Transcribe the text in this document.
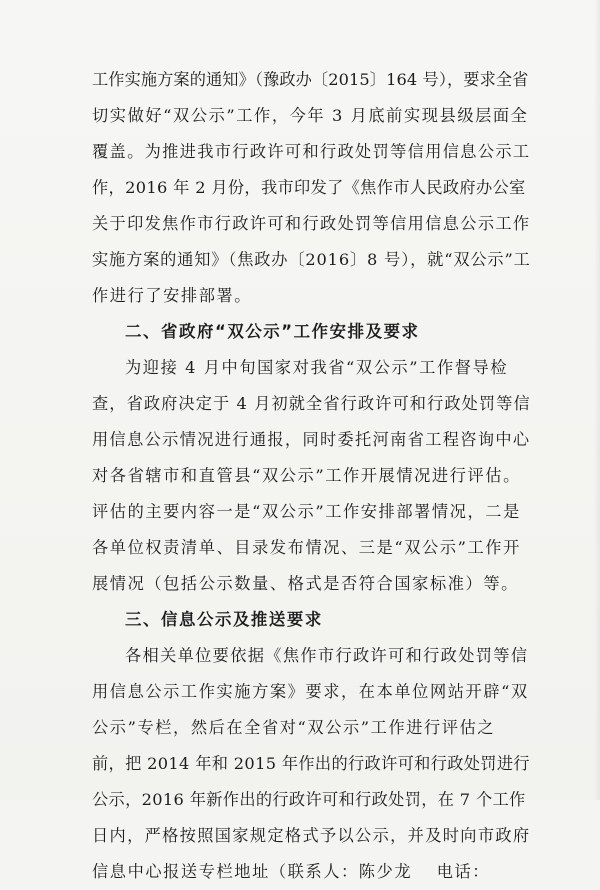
工作实施方案的通知》（豫政办〔2015〕164 号），要求全省
切实做好“双公示”工作，今年 3 月底前实现县级层面全
覆盖。为推进我市行政许可和行政处罚等信用信息公示工
作，2016 年 2 月份，我市印发了《焦作市人民政府办公室
关于印发焦作市行政许可和行政处罚等信用信息公示工作
实施方案的通知》（焦政办〔2016〕8 号），就“双公示”工
作进行了安排部署。
二、省政府“双公示”工作安排及要求
为迎接 4 月中旬国家对我省“双公示”工作督导检
查，省政府决定于 4 月初就全省行政许可和行政处罚等信
用信息公示情况进行通报，同时委托河南省工程咨询中心
对各省辖市和直管县“双公示”工作开展情况进行评估。
评估的主要内容一是“双公示”工作安排部署情况，二是
各单位权责清单、目录发布情况、三是“双公示”工作开
展情况（包括公示数量、格式是否符合国家标准）等。
三、信息公示及推送要求
各相关单位要依据《焦作市行政许可和行政处罚等信
用信息公示工作实施方案》要求，在本单位网站开辟“双
公示”专栏，然后在全省对“双公示”工作进行评估之
前，把 2014 年和 2015 年作出的行政许可和行政处罚进行
公示，2016 年新作出的行政许可和行政处罚，在 7 个工作
日内，严格按照国家规定格式予以公示，并及时向市政府
信息中心报送专栏地址（联系人：陈少龙　 电话：
